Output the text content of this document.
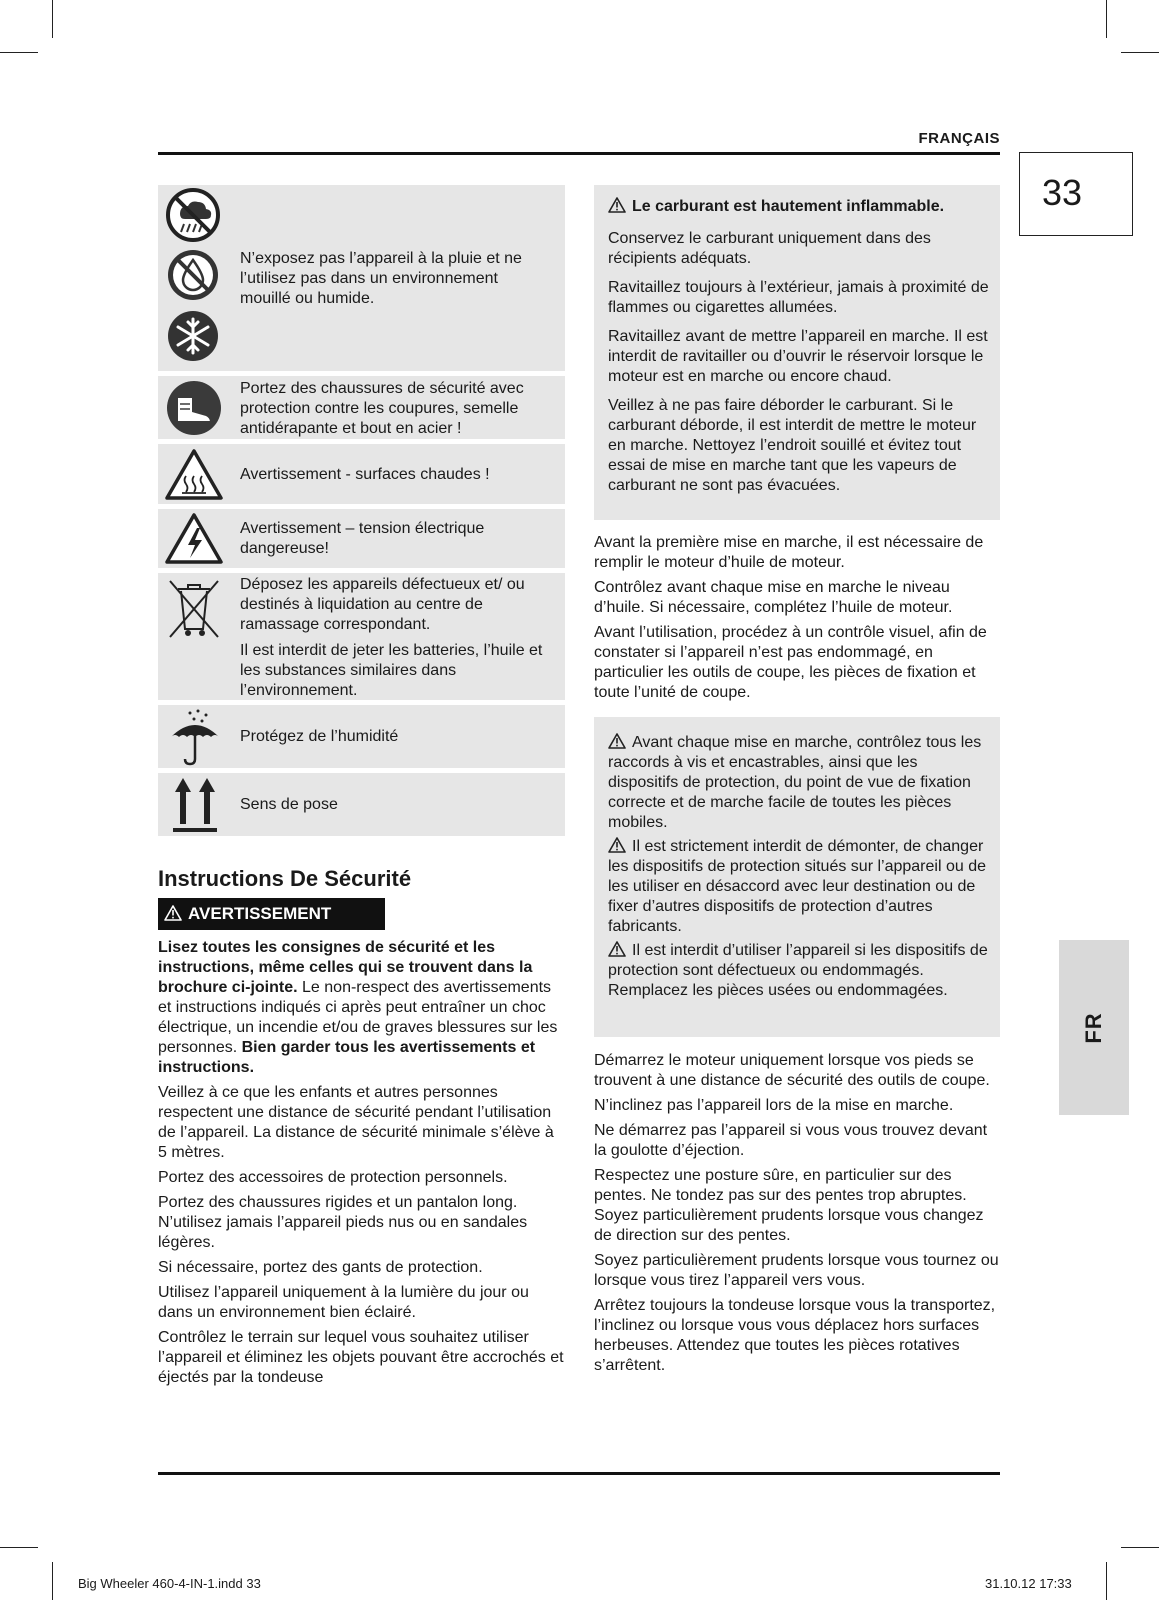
FRANÇAIS
33
FR
N’exposez pas l’appareil à la pluie et ne l’utilisez pas dans un environnement mouillé ou humide.
Portez des chaussures de sécurité avec protection contre les coupures, semelle antidérapante et bout en acier !
Avertissement - surfaces chaudes !
Avertissement – tension électrique dangereuse!

Déposez les appareils défectueux et/ ou destinés à liquidation au centre de ramassage correspondant.

Il est interdit de jeter les batteries, l’huile et les substances similaires dans l’environnement.

Protégez de l’humidité
Sens de pose
Instructions De Sécurité
AVERTISSEMENT

Lisez toutes les consignes de sécurité et les instructions, même celles qui se trouvent dans la brochure ci-jointe. Le non-respect des avertissements et instructions indiqués ci après peut entraîner un choc électrique, un incendie et/ou de graves blessures sur les personnes. Bien garder tous les avertissements et instructions.

Veillez à ce que les enfants et autres personnes respectent une distance de sécurité pendant l’utilisation de l’appareil. La distance de sécurité minimale s’élève à 5 mètres.

Portez des accessoires de protection personnels.

Portez des chaussures rigides et un pantalon long. N’utilisez jamais l’appareil pieds nus ou en sandales légères.

Si nécessaire, portez des gants de protection.

Utilisez l’appareil uniquement à la lumière du jour ou dans un environnement bien éclairé.

Contrôlez le terrain sur lequel vous souhaitez utiliser l’appareil et éliminez les objets pouvant être accrochés et éjectés par la tondeuse

Le carburant est hautement inflammable.

Conservez le carburant uniquement dans des récipients adéquats.

Ravitaillez toujours à l’extérieur, jamais à proximité de flammes ou cigarettes allumées.

Ravitaillez avant de mettre l’appareil en marche. Il est interdit de ravitailler ou d’ouvrir le réservoir lorsque le moteur est en marche ou encore chaud.

Veillez à ne pas faire déborder le carburant. Si le carburant déborde, il est interdit de mettre le moteur en marche. Nettoyez l’endroit souillé et évitez tout essai de mise en marche tant que les vapeurs de carburant ne sont pas évacuées.

Avant la première mise en marche, il est nécessaire de remplir le moteur d’huile de moteur.

Contrôlez avant chaque mise en marche le niveau d’huile. Si nécessaire, complétez l’huile de moteur.

Avant l’utilisation, procédez à un contrôle visuel, afin de constater si l’appareil n’est pas endommagé, en particulier les outils de coupe, les pièces de fixation et toute l’unité de coupe.

Avant chaque mise en marche, contrôlez tous les raccords à vis et encastrables, ainsi que les dispositifs de protection, du point de vue de fixation correcte et de marche facile de toutes les pièces mobiles.

Il est strictement interdit de démonter, de changer les dispositifs de protection situés sur l’appareil ou de les utiliser en désaccord avec leur destination ou de fixer d’autres dispositifs de protection d’autres fabricants.

Il est interdit d’utiliser l’appareil si les dispositifs de protection sont défectueux ou endommagés. Remplacez les pièces usées ou endommagées.

Démarrez le moteur uniquement lorsque vos pieds se trouvent à une distance de sécurité des outils de coupe.

N’inclinez pas l’appareil lors de la mise en marche.

Ne démarrez pas l’appareil si vous vous trouvez devant la goulotte d’éjection.

Respectez une posture sûre, en particulier sur des pentes. Ne tondez pas sur des pentes trop abruptes. Soyez particulièrement prudents lorsque vous changez de direction sur des pentes.

Soyez particulièrement prudents lorsque vous tournez ou lorsque vous tirez l’appareil vers vous.

Arrêtez toujours la tondeuse lorsque vous la transportez, l’inclinez ou lorsque vous vous déplacez hors surfaces herbeuses. Attendez que toutes les pièces rotatives s’arrêtent.

Big Wheeler 460-4-IN-1.indd 33	31.10.12 17:33
